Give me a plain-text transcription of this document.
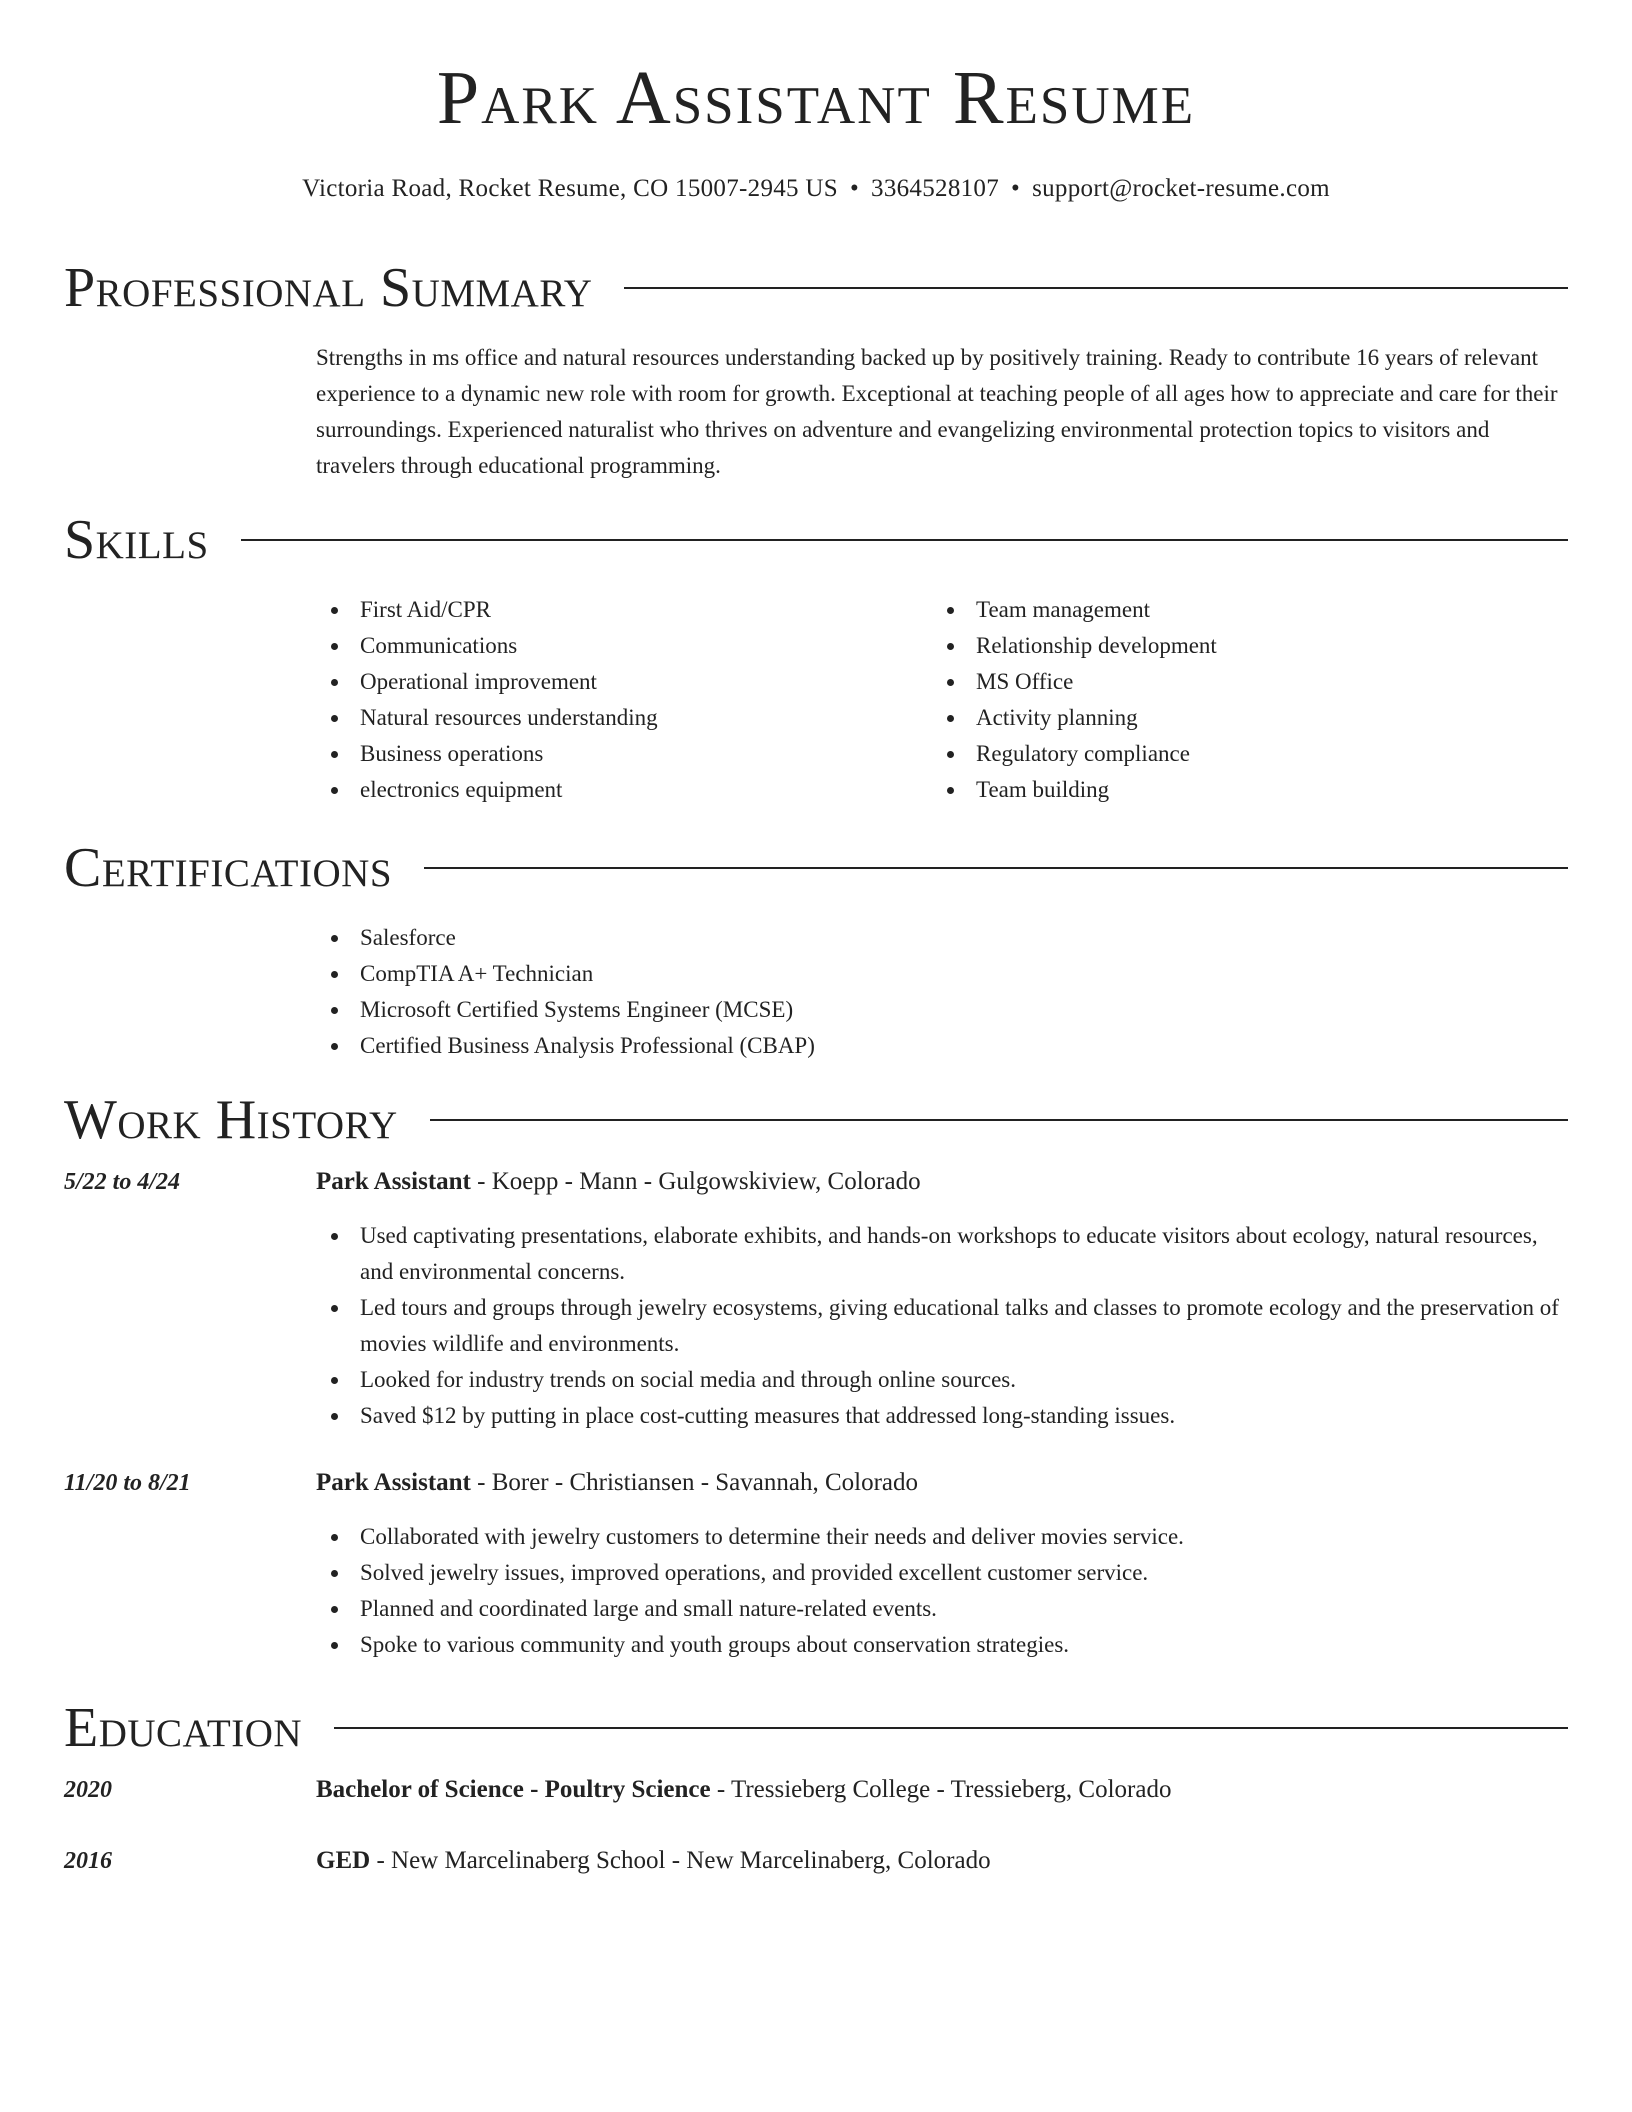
Park Assistant Resume
Victoria Road, Rocket Resume, CO 15007-2945 US • 3364528107 • support@rocket-resume.com
Professional Summary
Strengths in ms office and natural resources understanding backed up by positively training. Ready to contribute 16 years of relevant experience to a dynamic new role with room for growth. Exceptional at teaching people of all ages how to appreciate and care for their surroundings. Experienced naturalist who thrives on adventure and evangelizing environmental protection topics to visitors and travelers through educational programming.
Skills
First Aid/CPR
Communications
Operational improvement
Natural resources understanding
Business operations
electronics equipment
Team management
Relationship development
MS Office
Activity planning
Regulatory compliance
Team building
Certifications
Salesforce
CompTIA A+ Technician
Microsoft Certified Systems Engineer (MCSE)
Certified Business Analysis Professional (CBAP)
Work History
5/22 to 4/24	Park Assistant - Koepp - Mann - Gulgowskiview, Colorado
Used captivating presentations, elaborate exhibits, and hands-on workshops to educate visitors about ecology, natural resources, and environmental concerns.
Led tours and groups through jewelry ecosystems, giving educational talks and classes to promote ecology and the preservation of movies wildlife and environments.
Looked for industry trends on social media and through online sources.
Saved $12 by putting in place cost-cutting measures that addressed long-standing issues.
11/20 to 8/21	Park Assistant - Borer - Christiansen - Savannah, Colorado
Collaborated with jewelry customers to determine their needs and deliver movies service.
Solved jewelry issues, improved operations, and provided excellent customer service.
Planned and coordinated large and small nature-related events.
Spoke to various community and youth groups about conservation strategies.
Education
2020	Bachelor of Science - Poultry Science - Tressieberg College - Tressieberg, Colorado
2016	GED - New Marcelinaberg School - New Marcelinaberg, Colorado
